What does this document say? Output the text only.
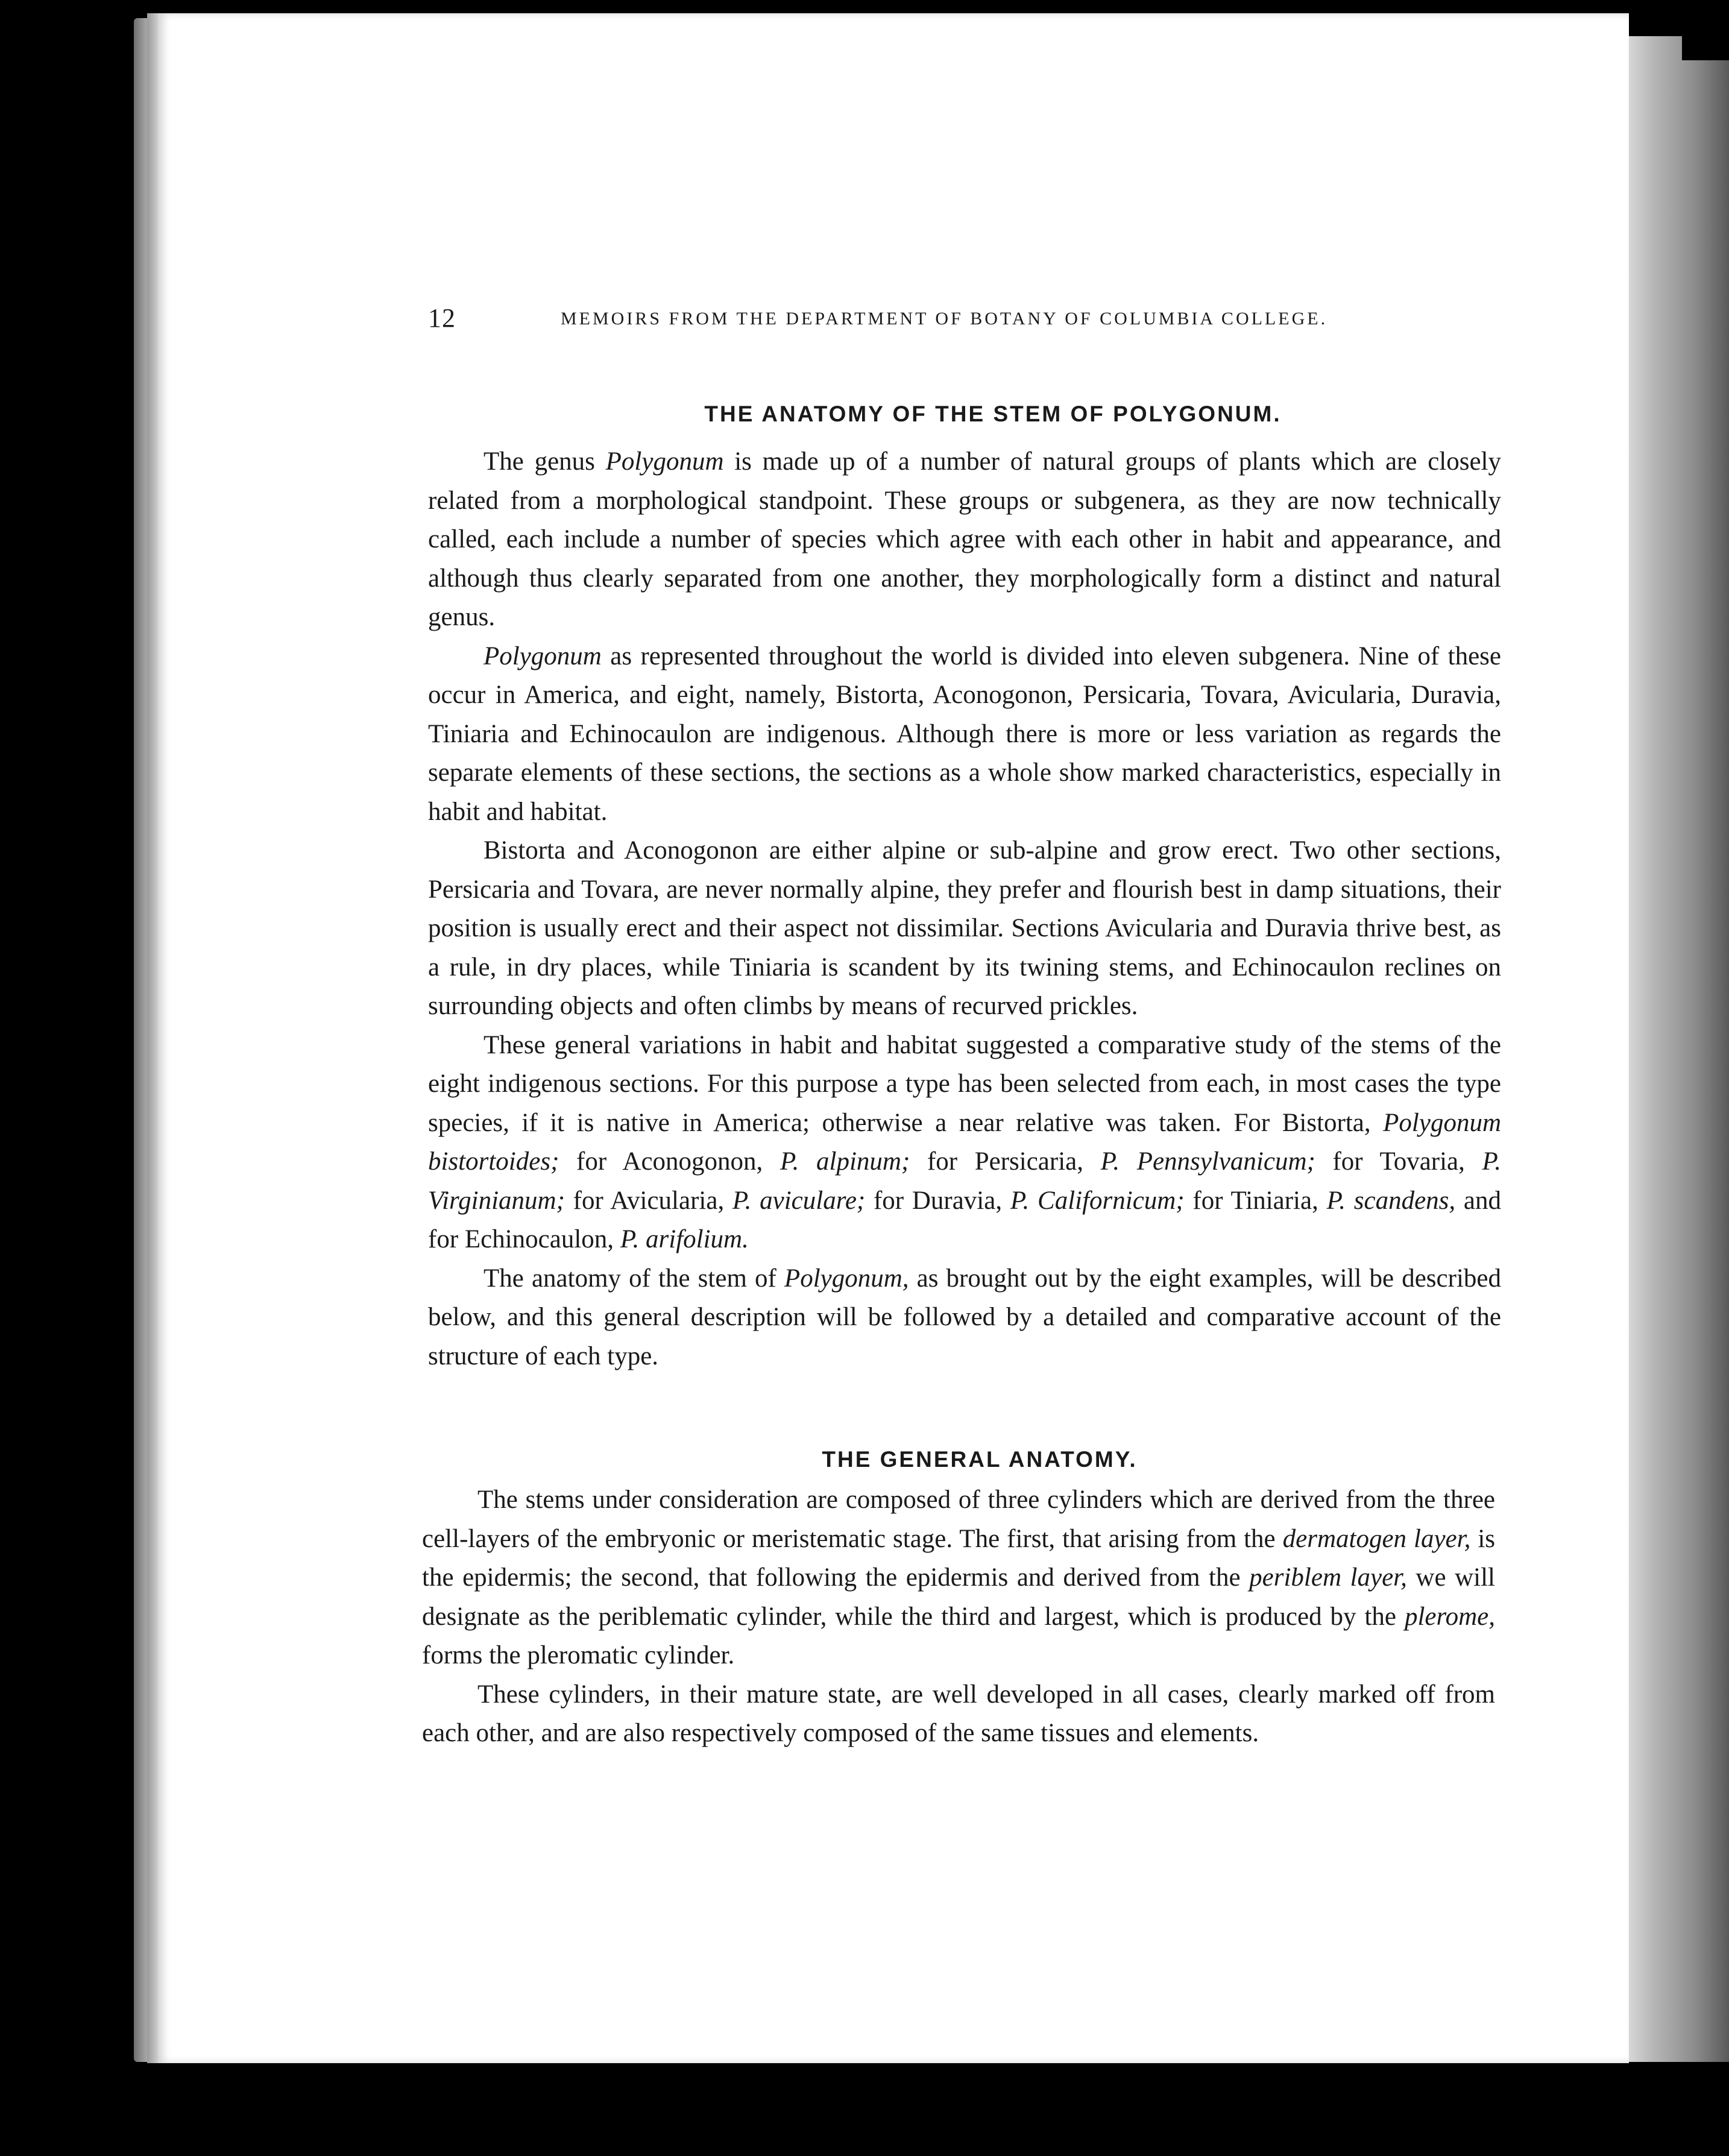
12	MEMOIRS FROM THE DEPARTMENT OF BOTANY OF COLUMBIA COLLEGE.
THE ANATOMY OF THE STEM OF POLYGONUM.

The genus Polygonum is made up of a number of natural groups of plants which are closely related from a morphological standpoint. These groups or subgenera, as they are now technically called, each include a number of species which agree with each other in habit and appearance, and although thus clearly separated from one another, they morphologically form a distinct and natural genus.

Polygonum as represented throughout the world is divided into eleven subgenera. Nine of these occur in America, and eight, namely, Bistorta, Aconogonon, Persicaria, Tovara, Avicularia, Duravia, Tiniaria and Echinocaulon are indigenous. Although there is more or less variation as regards the separate elements of these sections, the sections as a whole show marked characteristics, especially in habit and habitat.

Bistorta and Aconogonon are either alpine or sub-alpine and grow erect. Two other sections, Persicaria and Tovara, are never normally alpine, they prefer and flourish best in damp situations, their position is usually erect and their aspect not dissimilar. Sections Avicularia and Duravia thrive best, as a rule, in dry places, while Tiniaria is scandent by its twining stems, and Echinocaulon reclines on surrounding objects and often climbs by means of recurved prickles.

These general variations in habit and habitat suggested a comparative study of the stems of the eight indigenous sections. For this purpose a type has been selected from each, in most cases the type species, if it is native in America; otherwise a near relative was taken. For Bistorta, Polygonum bistortoides; for Aconogonon, P. alpinum; for Persicaria, P. Pennsylvanicum; for Tovaria, P. Virginianum; for Avicularia, P. aviculare; for Duravia, P. Californicum; for Tiniaria, P. scandens, and for Echinocaulon, P. arifolium.

The anatomy of the stem of Polygonum, as brought out by the eight examples, will be described below, and this general description will be followed by a detailed and comparative account of the structure of each type.

THE GENERAL ANATOMY.

The stems under consideration are composed of three cylinders which are derived from the three cell-layers of the embryonic or meristematic stage. The first, that arising from the dermatogen layer, is the epidermis; the second, that following the epidermis and derived from the periblem layer, we will designate as the periblematic cylinder, while the third and largest, which is produced by the plerome, forms the pleromatic cylinder.

These cylinders, in their mature state, are well developed in all cases, clearly marked off from each other, and are also respectively composed of the same tissues and elements.
